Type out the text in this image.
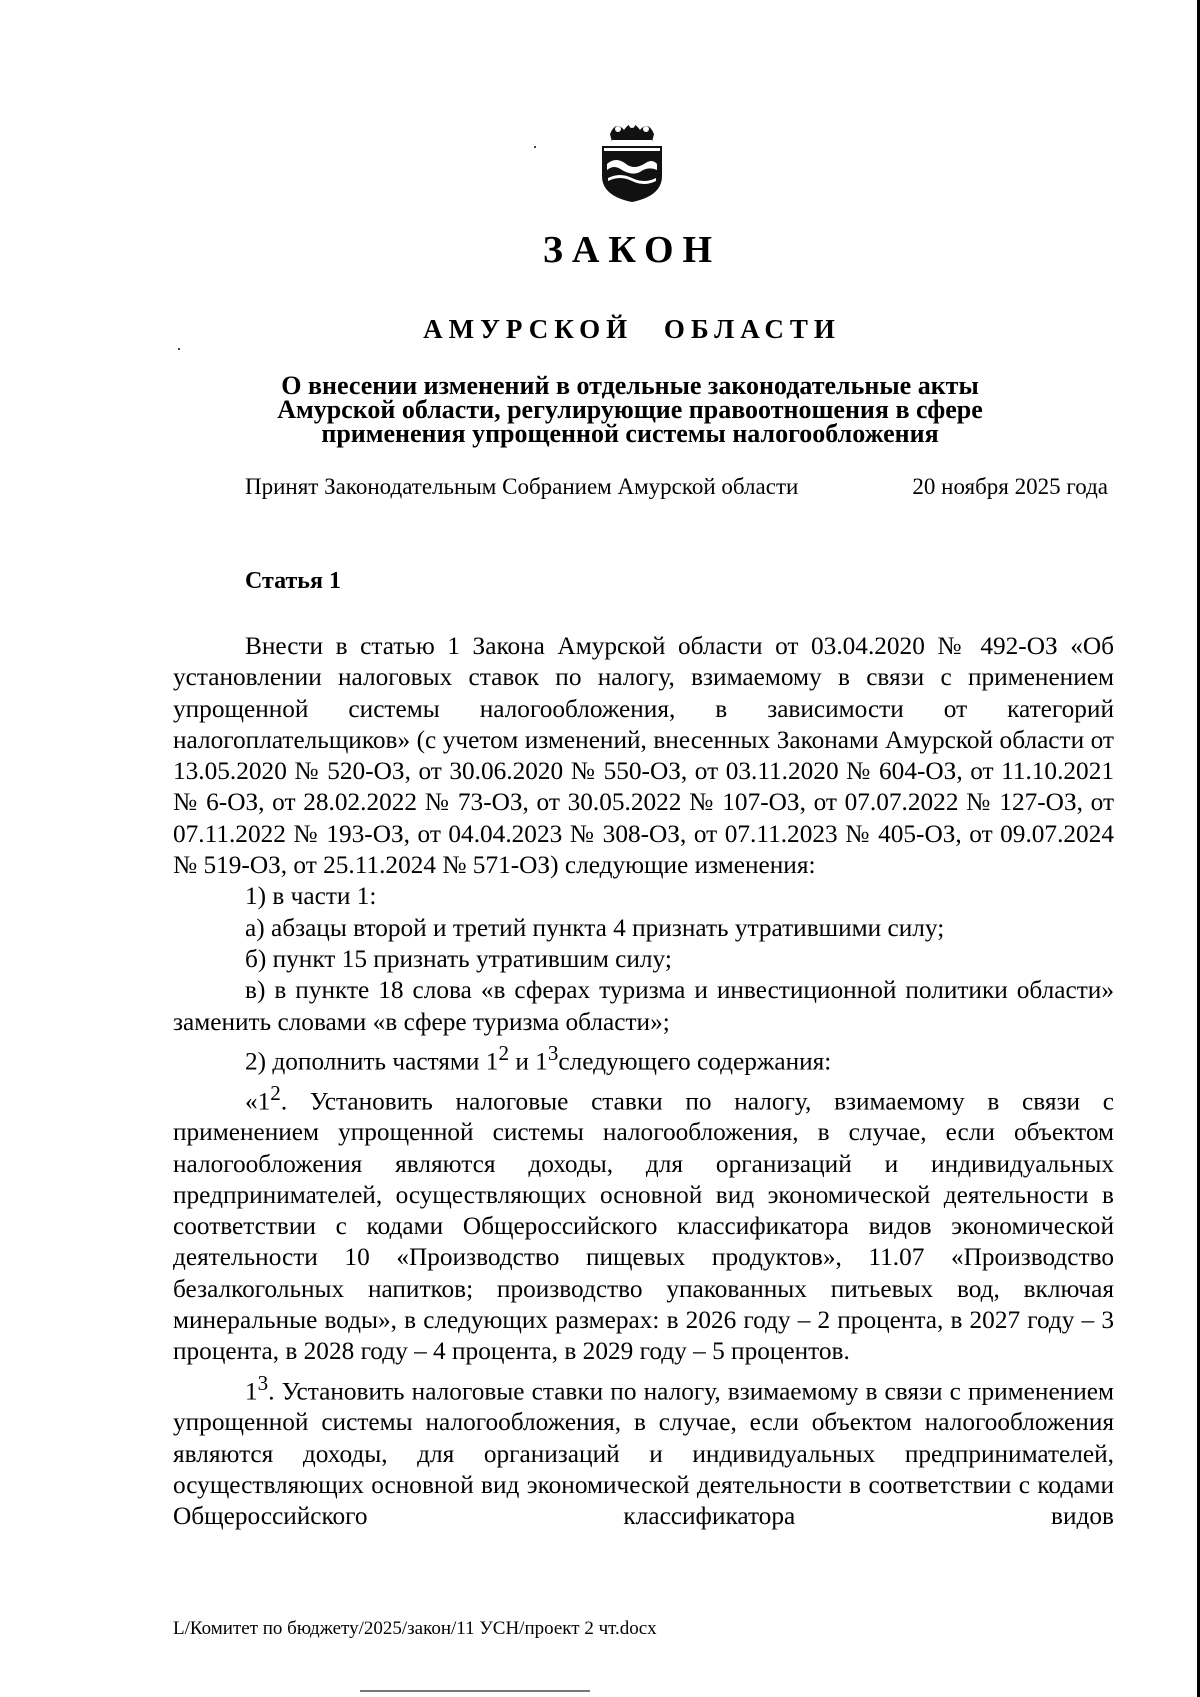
ЗАКОН
АМУРСКОЙ ОБЛАСТИ
О внесении изменений в отдельные законодательные акты
Амурской области, регулирующие правоотношения в сфере
применения упрощенной системы налогообложения
Принят Законодательным Собранием Амурской области	20 ноября 2025 года
Статья 1

Внести в статью 1 Закона Амурской области от 03.04.2020 № 492-ОЗ «Об установлении налоговых ставок по налогу, взимаемому в связи с применением упрощенной системы налогообложения, в зависимости от категорий налогоплательщиков» (с учетом изменений, внесенных Законами Амурской области от 13.05.2020 № 520-ОЗ, от 30.06.2020 № 550-ОЗ, от 03.11.2020 № 604-ОЗ, от 11.10.2021 № 6-ОЗ, от 28.02.2022 № 73-ОЗ, от 30.05.2022 № 107-ОЗ, от 07.07.2022 № 127-ОЗ, от 07.11.2022 № 193-ОЗ, от 04.04.2023 № 308-ОЗ, от 07.11.2023 № 405-ОЗ, от 09.07.2024 № 519-ОЗ, от 25.11.2024 № 571-ОЗ) следующие изменения:

1) в части 1:

а) абзацы второй и третий пункта 4 признать утратившими силу;

б) пункт 15 признать утратившим силу;

в) в пункте 18 слова «в сферах туризма и инвестиционной политики области» заменить словами «в сфере туризма области»;

2) дополнить частями $1^2$ и $1^3следующего$ содержания:

«$1^2$. Установить налоговые ставки по налогу, взимаемому в связи с применением упрощенной системы налогообложения, в случае, если объектом налогообложения являются доходы, для организаций и индивидуальных предпринимателей, осуществляющих основной вид экономической деятельности в соответствии с кодами Общероссийского классификатора видов экономической деятельности 10 «Производство пищевых продуктов», 11.07 «Производство безалкогольных напитков; производство упакованных питьевых вод, включая минеральные воды», в следующих размерах: в 2026 году – 2 процента, в 2027 году – 3 процента, в 2028 году – 4 процента, в 2029 году – 5 процентов.

$1^3$. Установить налоговые ставки по налогу, взимаемому в связи с применением упрощенной системы налогообложения, в случае, если объектом налогообложения являются доходы, для организаций и индивидуальных предпринимателей, осуществляющих основной вид экономической деятельности в соответствии с кодами Общероссийского классификатора видов

L/Комитет по бюджету/2025/закон/11 УСН/проект 2 чт.docx
